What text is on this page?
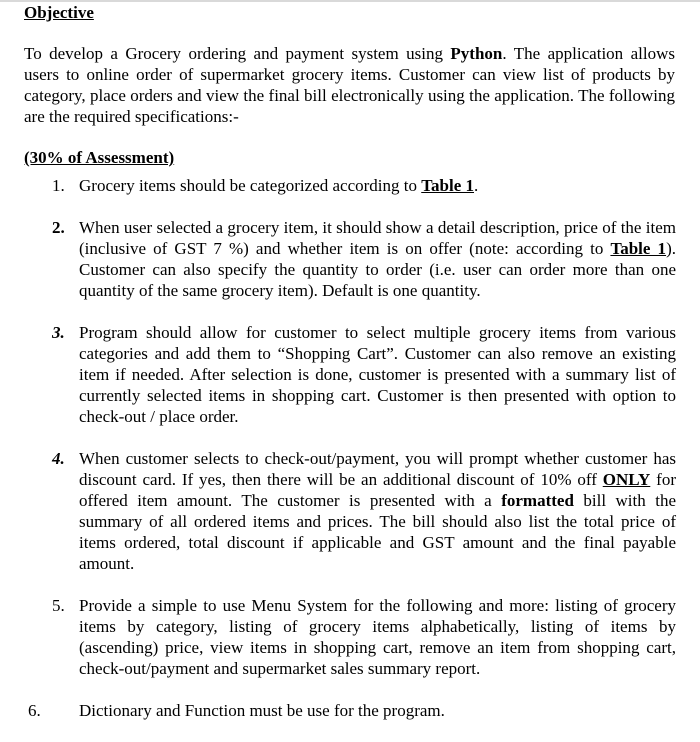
Objective
To develop a Grocery ordering and payment system using Python. The application allows users to online order of supermarket grocery items. Customer can view list of products by category, place orders and view the final bill electronically using the application. The following are the required specifications:-
(30% of Assessment)
1. Grocery items should be categorized according to Table 1.
2. When user selected a grocery item, it should show a detail description, price of the item (inclusive of GST 7 %) and whether item is on offer (note: according to Table 1). Customer can also specify the quantity to order (i.e. user can order more than one quantity of the same grocery item). Default is one quantity.
3. Program should allow for customer to select multiple grocery items from various categories and add them to “Shopping Cart”. Customer can also remove an existing item if needed. After selection is done, customer is presented with a summary list of currently selected items in shopping cart. Customer is then presented with option to check-out / place order.
4. When customer selects to check-out/payment, you will prompt whether customer has discount card. If yes, then there will be an additional discount of 10% off ONLY for offered item amount. The customer is presented with a formatted bill with the summary of all ordered items and prices. The bill should also list the total price of items ordered, total discount if applicable and GST amount and the final payable amount.
5. Provide a simple to use Menu System for the following and more: listing of grocery items by category, listing of grocery items alphabetically, listing of items by (ascending) price, view items in shopping cart, remove an item from shopping cart, check-out/payment and supermarket sales summary report.
6. Dictionary and Function must be use for the program.
